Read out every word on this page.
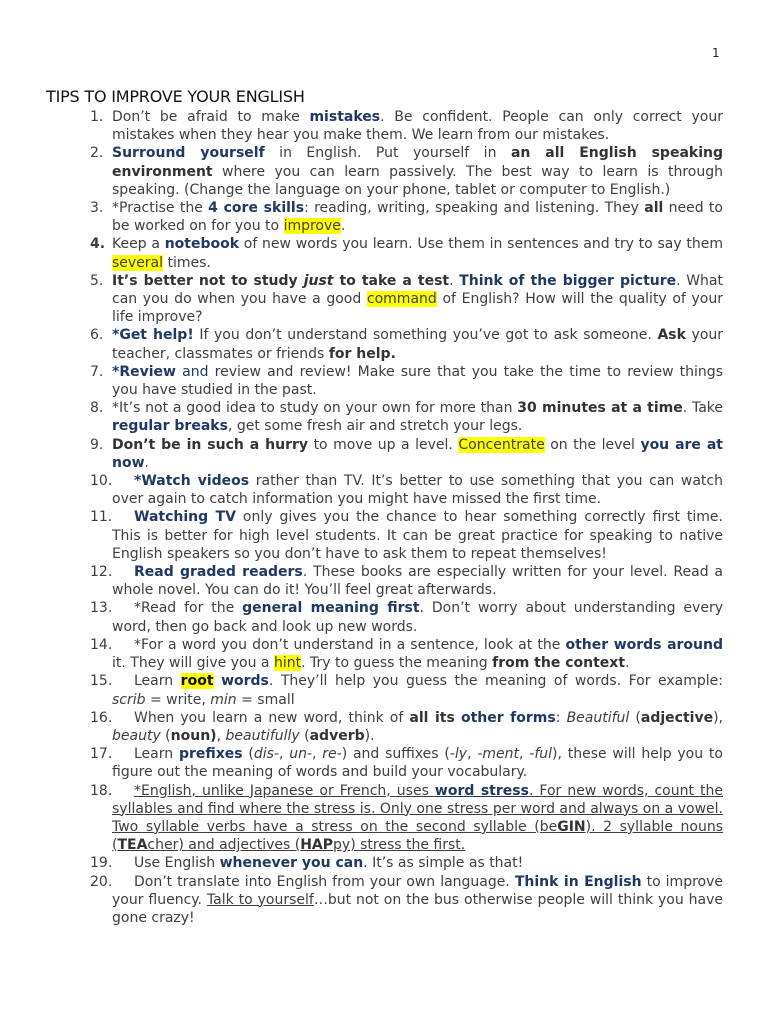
1
TIPS TO IMPROVE YOUR ENGLISH
1. Don’t be afraid to make mistakes. Be confident. People can only correct your mistakes when they hear you make them. We learn from our mistakes.
2. Surround yourself in English. Put yourself in an all English speaking environment where you can learn passively. The best way to learn is through speaking. (Change the language on your phone, tablet or computer to English.)
3. *Practise the 4 core skills: reading, writing, speaking and listening. They all need to be worked on for you to improve.
4. Keep a notebook of new words you learn. Use them in sentences and try to say them several times.
5. It’s better not to study just to take a test. Think of the bigger picture. What can you do when you have a good command of English? How will the quality of your life improve?
6. *Get help! If you don’t understand something you’ve got to ask someone. Ask your teacher, classmates or friends for help.
7. *Review and review and review! Make sure that you take the time to review things you have studied in the past.
8. *It’s not a good idea to study on your own for more than 30 minutes at a time. Take regular breaks, get some fresh air and stretch your legs.
9. Don’t be in such a hurry to move up a level. Concentrate on the level you are at now.
10.	*Watch videos rather than TV. It’s better to use something that you can watch over again to catch information you might have missed the first time.
11.	Watching TV only gives you the chance to hear something correctly first time. This is better for high level students. It can be great practice for speaking to native English speakers so you don’t have to ask them to repeat themselves!
12.	Read graded readers. These books are especially written for your level. Read a whole novel. You can do it! You’ll feel great afterwards.
13.	*Read for the general meaning first. Don’t worry about understanding every word, then go back and look up new words.
14.	*For a word you don’t understand in a sentence, look at the other words around it. They will give you a hint. Try to guess the meaning from the context.
15.	Learn root words. They’ll help you guess the meaning of words. For example: scrib = write, min = small
16.	When you learn a new word, think of all its other forms: Beautiful (adjective), beauty (noun), beautifully (adverb).
17.	Learn prefixes (dis-, un-, re-) and suffixes (-ly, -ment, -ful), these will help you to figure out the meaning of words and build your vocabulary.
18.	*English, unlike Japanese or French, uses word stress. For new words, count the syllables and find where the stress is. Only one stress per word and always on a vowel. Two syllable verbs have a stress on the second syllable (beGIN). 2 syllable nouns (TEAcher) and adjectives (HAPpy) stress the first.
19.	Use English whenever you can. It’s as simple as that!
20.	Don’t translate into English from your own language. Think in English to improve your fluency. Talk to yourself…but not on the bus otherwise people will think you have gone crazy!
